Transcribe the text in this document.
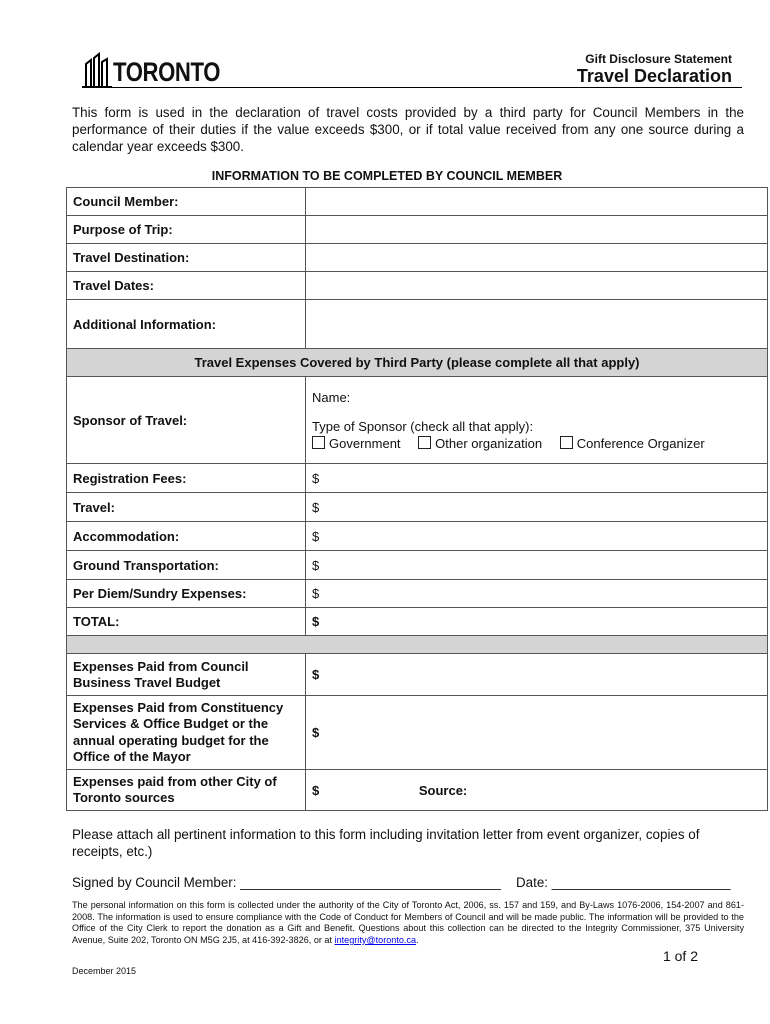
TORONTO	Gift Disclosure Statement
Travel Declaration
This form is used in the declaration of travel costs provided by a third party for Council Members in the performance of their duties if the value exceeds $300, or if total value received from any one source during a calendar year exceeds $300.
INFORMATION TO BE COMPLETED BY COUNCIL MEMBER
Council Member:	
Purpose of Trip:	
Travel Destination:	
Travel Dates:	
Additional Information:	
Travel Expenses Covered by Third Party (please complete all that apply)	
Sponsor of Travel:	Name:
Type of Sponsor (check all that apply):
Government Other organization Conference Organizer

Registration Fees:	$
Travel:	$
Accommodation:	$
Ground Transportation:	$
Per Diem/Sundry Expenses:	$
TOTAL:	$

Expenses Paid from Council Business Travel Budget	$
Expenses Paid from Constituency Services & Office Budget or the annual operating budget for the Office of the Mayor	$
Expenses paid from other City of Toronto sources	$ Source:
Please attach all pertinent information to this form including invitation letter from event organizer, copies of receipts, etc.)
Signed by Council Member: ___________________________________ Date: ________________________
The personal information on this form is collected under the authority of the City of Toronto Act, 2006, ss. 157 and 159, and By-Laws 1076-2006, 154-2007 and 861-2008. The information is used to ensure compliance with the Code of Conduct for Members of Council and will be made public. The information will be provided to the Office of the City Clerk to report the donation as a Gift and Benefit. Questions about this collection can be directed to the Integrity Commissioner, 375 University Avenue, Suite 202, Toronto ON M5G 2J5, at 416-392-3826, or at integrity@toronto.ca.
1 of 2
December 2015
